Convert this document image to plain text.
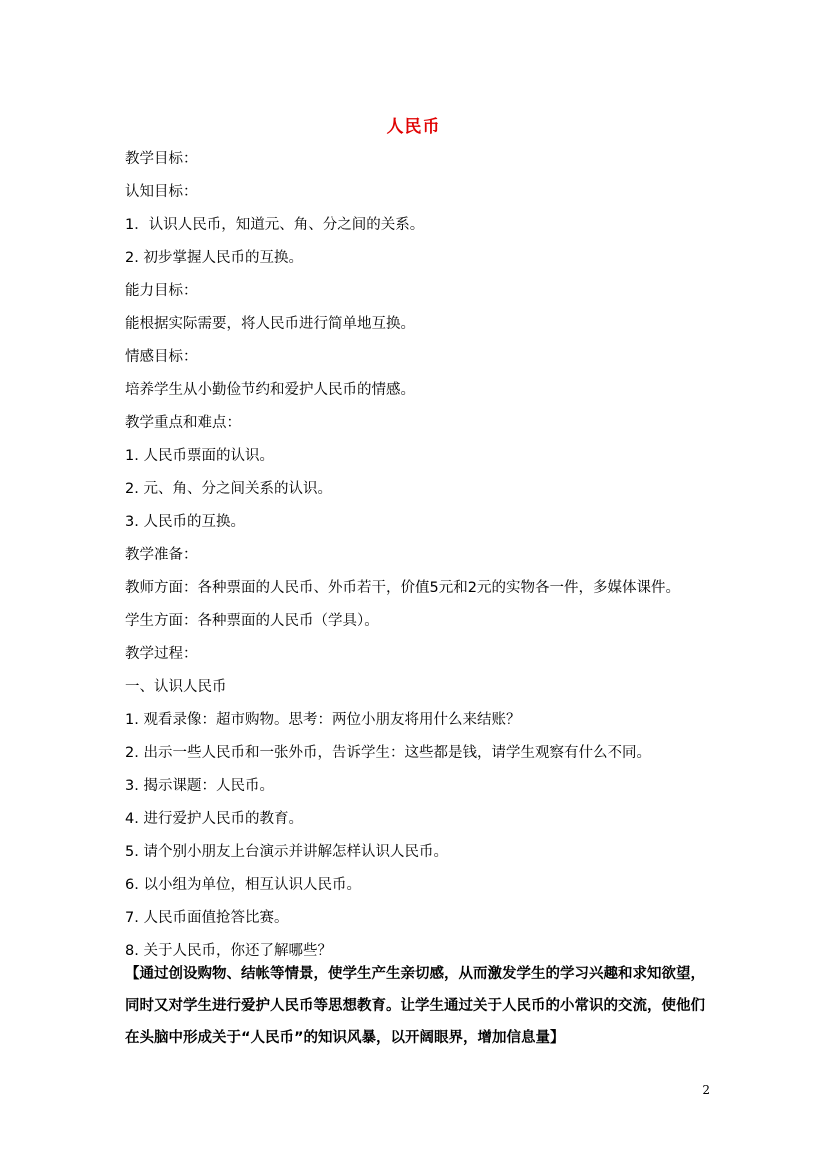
人民币
教学目标：
认知目标：
1．认识人民币，知道元、角、分之间的关系。
2. 初步掌握人民币的互换。
能力目标：
能根据实际需要，将人民币进行简单地互换。
情感目标：
培养学生从小勤俭节约和爱护人民币的情感。
教学重点和难点：
1. 人民币票面的认识。
2. 元、角、分之间关系的认识。
3. 人民币的互换。
教学准备：
教师方面：各种票面的人民币、外币若干，价值5元和2元的实物各一件，多媒体课件。
学生方面：各种票面的人民币（学具）。
教学过程：
一、认识人民币
1. 观看录像：超市购物。思考：两位小朋友将用什么来结账？
2. 出示一些人民币和一张外币，告诉学生：这些都是钱，请学生观察有什么不同。
3. 揭示课题：人民币。
4. 进行爱护人民币的教育。
5. 请个别小朋友上台演示并讲解怎样认识人民币。
6. 以小组为单位，相互认识人民币。
7. 人民币面值抢答比赛。
8. 关于人民币，你还了解哪些？
【通过创设购物、结帐等情景，使学生产生亲切感，从而激发学生的学习兴趣和求知欲望，
同时又对学生进行爱护人民币等思想教育。让学生通过关于人民币的小常识的交流，使他们
在头脑中形成关于“人民币”的知识风暴，以开阔眼界，增加信息量】
2
